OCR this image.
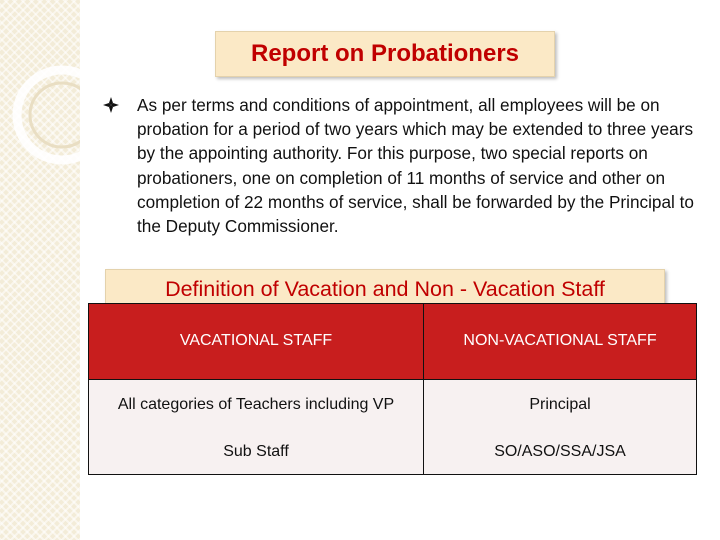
Report on Probationers

As per terms and conditions of appointment, all employees will be on probation for a period of two years which may be extended to three years by the appointing authority. For this purpose, two special reports on probationers, one on completion of 11 months of service and other on completion of 22 months of service, shall be forwarded by the Principal to the Deputy Commissioner.

Definition of Vacation and Non - Vacation Staff
VACATIONAL STAFF	NON-VACATIONAL STAFF
All categories of Teachers including VP	Principal
Sub Staff	SO/ASO/SSA/JSA
